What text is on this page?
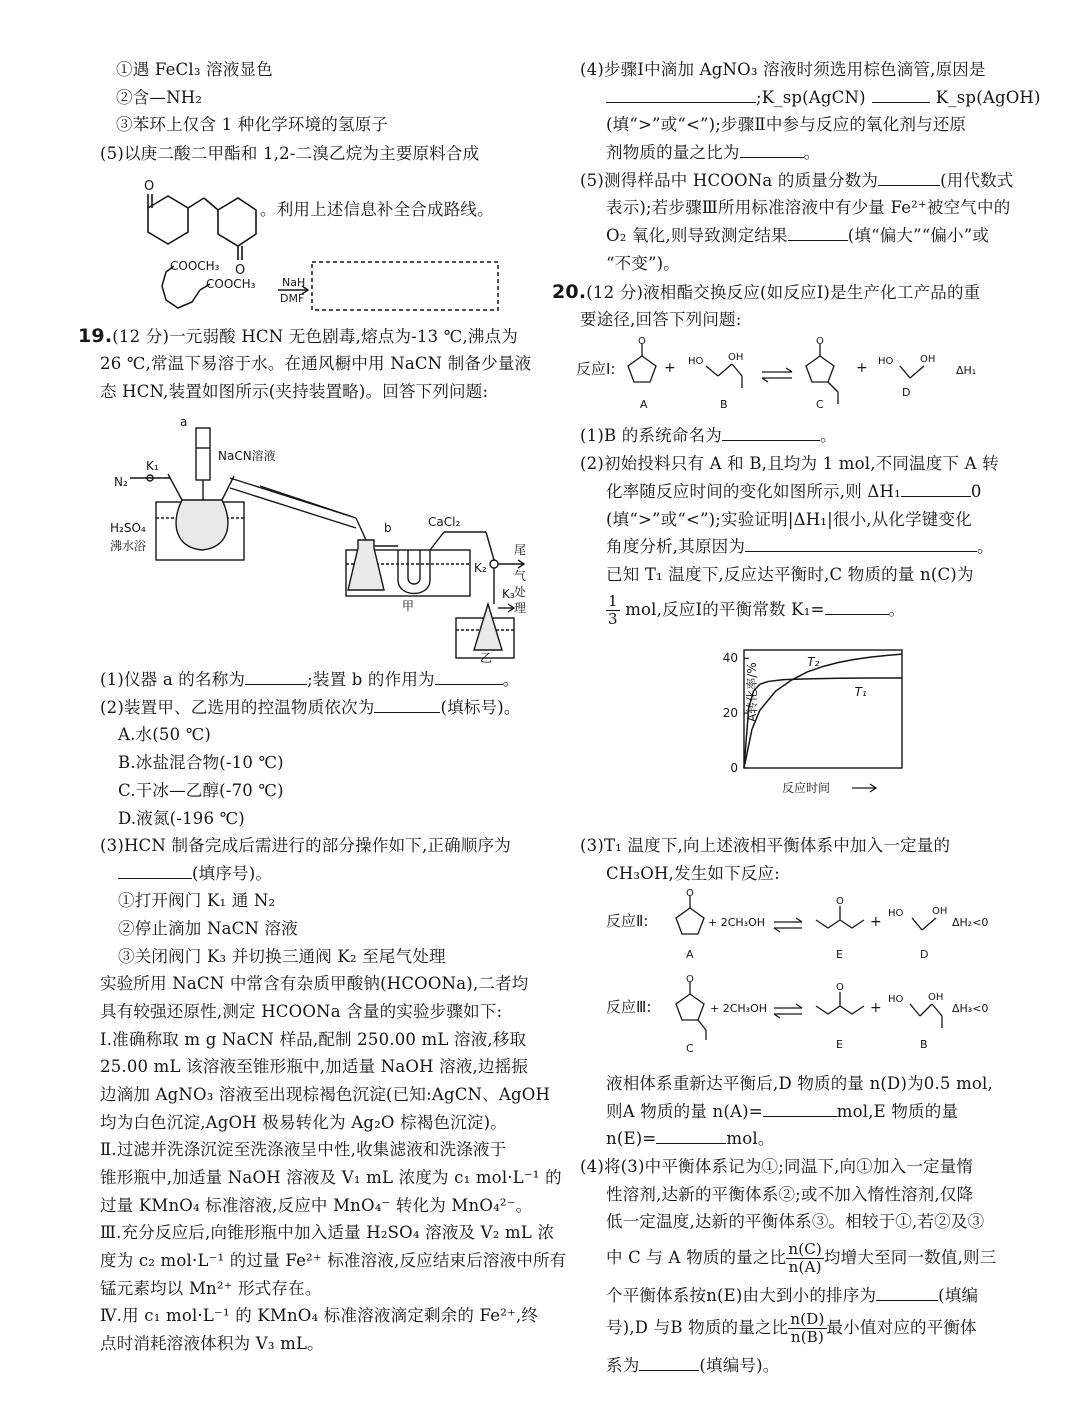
①遇 FeCl₃ 溶液显色
②含—NH₂
③苯环上仅含 1 种化学环境的氢原子
(5)以庚二酸二甲酯和 1,2-二溴乙烷为主要原料合成
O
O
。利用上述信息补全合成路线。
COOCH₃
COOCH₃ NaH
DMF
19.(12 分)一元弱酸 HCN 无色剧毒,熔点为-13 ℃,沸点为
26 ℃,常温下易溶于水。在通风橱中用 NaCN 制备少量液
态 HCN,装置如图所示(夹持装置略)。回答下列问题:
a
NaCN溶液
K₁
N₂
H₂SO₄
沸水浴
b	CaCl₂
K₂
K₃
甲
乙
尾
气
处
理
(1)仪器 a 的名称为	;装置 b 的作用为	。
(2)装置甲、乙选用的控温物质依次为	(填标号)。
A.水(50 ℃)
B.冰盐混合物(-10 ℃)
C.干冰—乙醇(-70 ℃)
D.液氮(-196 ℃)
(3)HCN 制备完成后需进行的部分操作如下,正确顺序为
(填序号)。
①打开阀门 K₁ 通 N₂
②停止滴加 NaCN 溶液
③关闭阀门 K₃ 并切换三通阀 K₂ 至尾气处理
实验所用 NaCN 中常含有杂质甲酸钠(HCOONa),二者均
具有较强还原性,测定 HCOONa 含量的实验步骤如下:
Ⅰ.准确称取 m g NaCN 样品,配制 250.00 mL 溶液,移取
25.00 mL 该溶液至锥形瓶中,加适量 NaOH 溶液,边摇振
边滴加 AgNO₃ 溶液至出现棕褐色沉淀(已知:AgCN、AgOH
均为白色沉淀,AgOH 极易转化为 Ag₂O 棕褐色沉淀)。
Ⅱ.过滤并洗涤沉淀至洗涤液呈中性,收集滤液和洗涤液于
锥形瓶中,加适量 NaOH 溶液及 V₁ mL 浓度为 c₁ mol·L⁻¹ 的
过量 KMnO₄ 标准溶液,反应中 MnO₄⁻ 转化为 MnO₄²⁻。
Ⅲ.充分反应后,向锥形瓶中加入适量 H₂SO₄ 溶液及 V₂ mL 浓
度为 c₂ mol·L⁻¹ 的过量 Fe²⁺ 标准溶液,反应结束后溶液中所有
锰元素均以 Mn²⁺ 形式存在。
Ⅳ.用 c₁ mol·L⁻¹ 的 KMnO₄ 标准溶液滴定剩余的 Fe²⁺,终
点时消耗溶液体积为 V₃ mL。
(4)步骤Ⅰ中滴加 AgNO₃ 溶液时须选用棕色滴管,原因是
;K_sp(AgCN)	K_sp(AgOH)
(填“>”或“<”);步骤Ⅱ中参与反应的氧化剂与还原
剂物质的量之比为	。
(5)测得样品中 HCOONa 的质量分数为	(用代数式
表示);若步骤Ⅲ所用标准溶液中有少量 Fe²⁺被空气中的
O₂ 氧化,则导致测定结果	(填“偏大”“偏小”或
“不变”)。
20.(12 分)液相酯交换反应(如反应Ⅰ)是生产化工产品的重
要途径,回答下列问题:
反应Ⅰ:
O
+ HO OH
O
+ HO	OH
A	B	C
D
ΔH₁
(1)B 的系统命名为	。
(2)初始投料只有 A 和 B,且均为 1 mol,不同温度下 A 转
化率随反应时间的变化如图所示,则 ΔH₁	0
(填“>”或“<”);实验证明|ΔH₁|很小,从化学键变化
角度分析,其原因为	。
已知 T₁ 温度下,反应达平衡时,C 物质的量 n(C)为
$\frac{1}{3}$ mol,反应Ⅰ的平衡常数 K₁=	。
0
20
40	T₂
T₁
A转化率/%
反应时间
(3)T₁ 温度下,向上述液相平衡体系中加入一定量的
CH₃OH,发生如下反应:
反应Ⅱ:
O
+ 2CH₃OH
O
+
HO	OH
A	E	D
ΔH₂<0
反应Ⅲ:
O
+ 2CH₃OH
O
+
HO OH
C	E	B
ΔH₃<0
液相体系重新达平衡后,D 物质的量 n(D)为0.5 mol,
则A 物质的量 n(A)=	mol,E 物质的量
n(E)=	mol。
(4)将(3)中平衡体系记为①;同温下,向①加入一定量惰
性溶剂,达新的平衡体系②;或不加入惰性溶剂,仅降
低一定温度,达新的平衡体系③。相较于①,若②及③
中 C 与 A 物质的量之比 $\frac{n(C)}{n(A)}$ 均增大至同一数值,则三
个平衡体系按n(E)由大到小的排序为	(填编
号),D 与B 物质的量之比 $\frac{n(D)}{n(B)}$ 最小值对应的平衡体
系为	(填编号)。
